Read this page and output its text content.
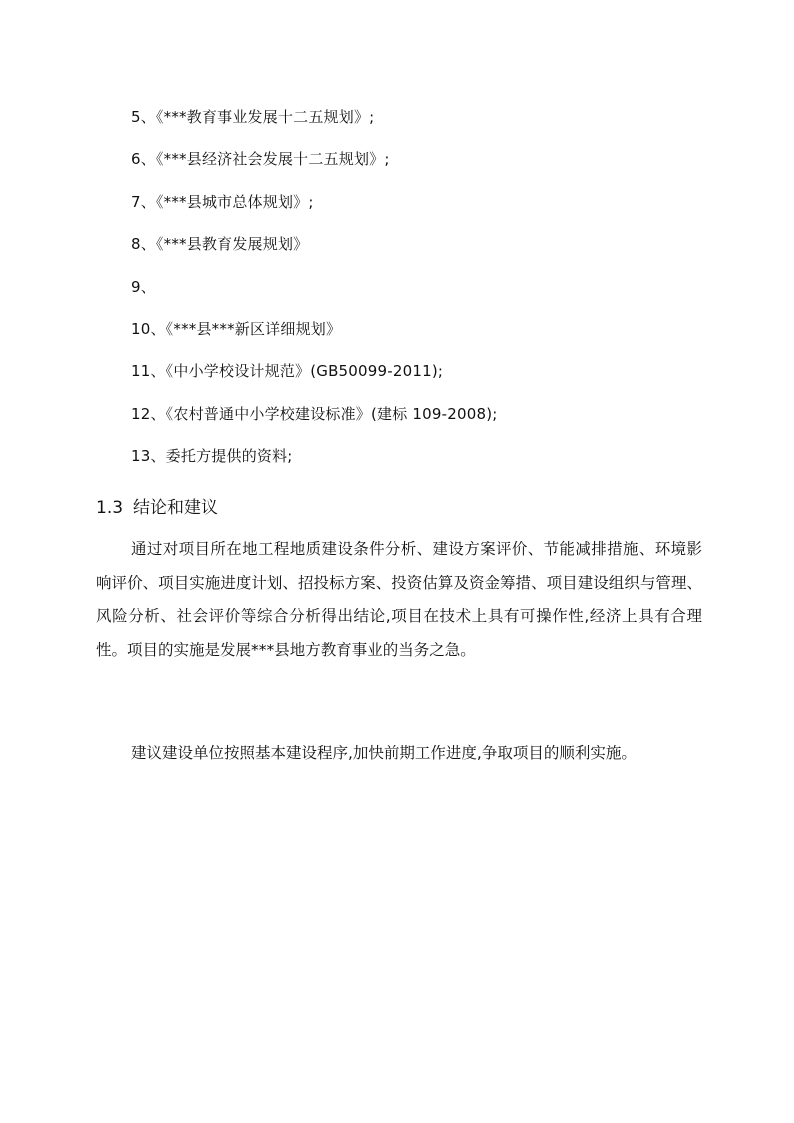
5、《***教育事业发展十二五规划》;
6、《***县经济社会发展十二五规划》;
7、《***县城市总体规划》;
8、《***县教育发展规划》
9、
10、《***县***新区详细规划》
11、《中小学校设计规范》(GB50099-2011);
12、《农村普通中小学校建设标准》(建标 109-2008);
13、委托方提供的资料;
1.3 结论和建议

通过对项目所在地工程地质建设条件分析、建设方案评价、节能减排措施、环境影响评价、项目实施进度计划、招投标方案、投资估算及资金筹措、项目建设组织与管理、风险分析、社会评价等综合分析得出结论,项目在技术上具有可操作性,经济上具有合理性。项目的实施是发展***县地方教育事业的当务之急。

建议建设单位按照基本建设程序,加快前期工作进度,争取项目的顺利实施。
